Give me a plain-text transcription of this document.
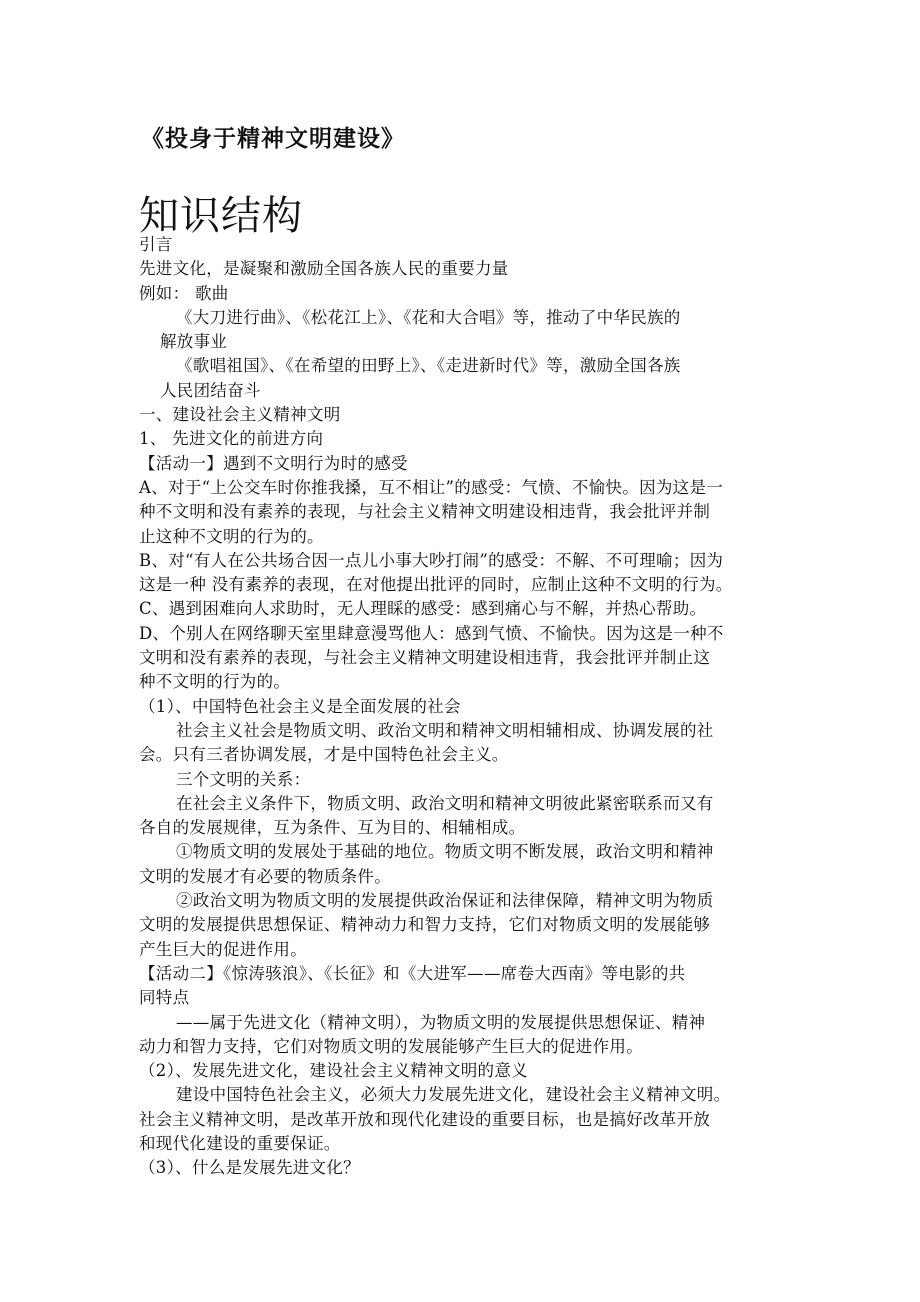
《投身于精神文明建设》
知识结构
引言
先进文化，是凝聚和激励全国各族人民的重要力量
例如： 歌曲
《大刀进行曲》、《松花江上》、《花和大合唱》等，推动了中华民族的
解放事业
《歌唱祖国》、《在希望的田野上》、《走进新时代》等，激励全国各族
人民团结奋斗
一、建设社会主义精神文明
1、 先进文化的前进方向
【活动一】遇到不文明行为时的感受
A、对于“上公交车时你推我搡，互不相让”的感受：气愤、不愉快。因为这是一
种不文明和没有素养的表现，与社会主义精神文明建设相违背，我会批评并制
止这种不文明的行为的。
B、对“有人在公共场合因一点儿小事大吵打闹”的感受：不解、不可理喻；因为
这是一种 没有素养的表现，在对他提出批评的同时，应制止这种不文明的行为。
C、遇到困难向人求助时，无人理睬的感受：感到痛心与不解，并热心帮助。
D、个别人在网络聊天室里肆意漫骂他人：感到气愤、不愉快。因为这是一种不
文明和没有素养的表现，与社会主义精神文明建设相违背，我会批评并制止这
种不文明的行为的。
（1）、中国特色社会主义是全面发展的社会
社会主义社会是物质文明、政治文明和精神文明相辅相成、协调发展的社
会。只有三者协调发展，才是中国特色社会主义。
三个文明的关系：
在社会主义条件下，物质文明、政治文明和精神文明彼此紧密联系而又有
各自的发展规律，互为条件、互为目的、相辅相成。
①物质文明的发展处于基础的地位。物质文明不断发展，政治文明和精神
文明的发展才有必要的物质条件。
②政治文明为物质文明的发展提供政治保证和法律保障，精神文明为物质
文明的发展提供思想保证、精神动力和智力支持，它们对物质文明的发展能够
产生巨大的促进作用。
【活动二】《惊涛骇浪》、《长征》和《大进军——席卷大西南》等电影的共
同特点
——属于先进文化（精神文明），为物质文明的发展提供思想保证、精神
动力和智力支持，它们对物质文明的发展能够产生巨大的促进作用。
（2）、发展先进文化，建设社会主义精神文明的意义
建设中国特色社会主义，必须大力发展先进文化，建设社会主义精神文明。
社会主义精神文明，是改革开放和现代化建设的重要目标，也是搞好改革开放
和现代化建设的重要保证。
（3）、什么是发展先进文化？
